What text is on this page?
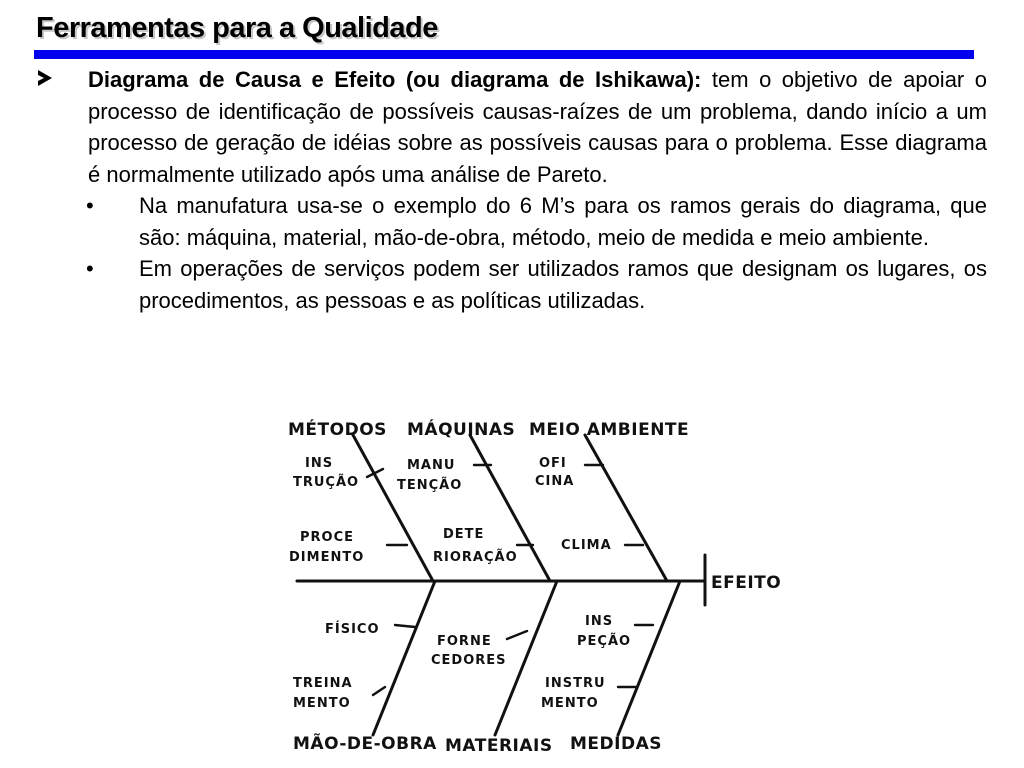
Ferramentas para a Qualidade

Diagrama de Causa e Efeito (ou diagrama de Ishikawa): tem o objetivo de apoiar o processo de identificação de possíveis causas-raízes de um problema, dando início a um processo de geração de idéias sobre as possíveis causas para o problema. Esse diagrama é normalmente utilizado após uma análise de Pareto.

• Na manufatura usa-se o exemplo do 6 M’s para os ramos gerais do diagrama, que são: máquina, material, mão-de-obra, método, meio de medida e meio ambiente.

• Em operações de serviços podem ser utilizados ramos que designam os lugares, os procedimentos, as pessoas e as políticas utilizadas.

MÉTODOS MÁQUINAS MEIO AMBIENTE
MÃO-DE-OBRA MATERIAIS MEDIDAS
EFEITO
INS
TRUÇÃO
PROCE
DIMENTO
MANU
TENÇÃO
DETE
RIORAÇÃO
OFI
CINA
CLIMA
FÍSICO
TREINA
MENTO
FORNE
CEDORES
INS
PEÇÃO
INSTRU
MENTO
